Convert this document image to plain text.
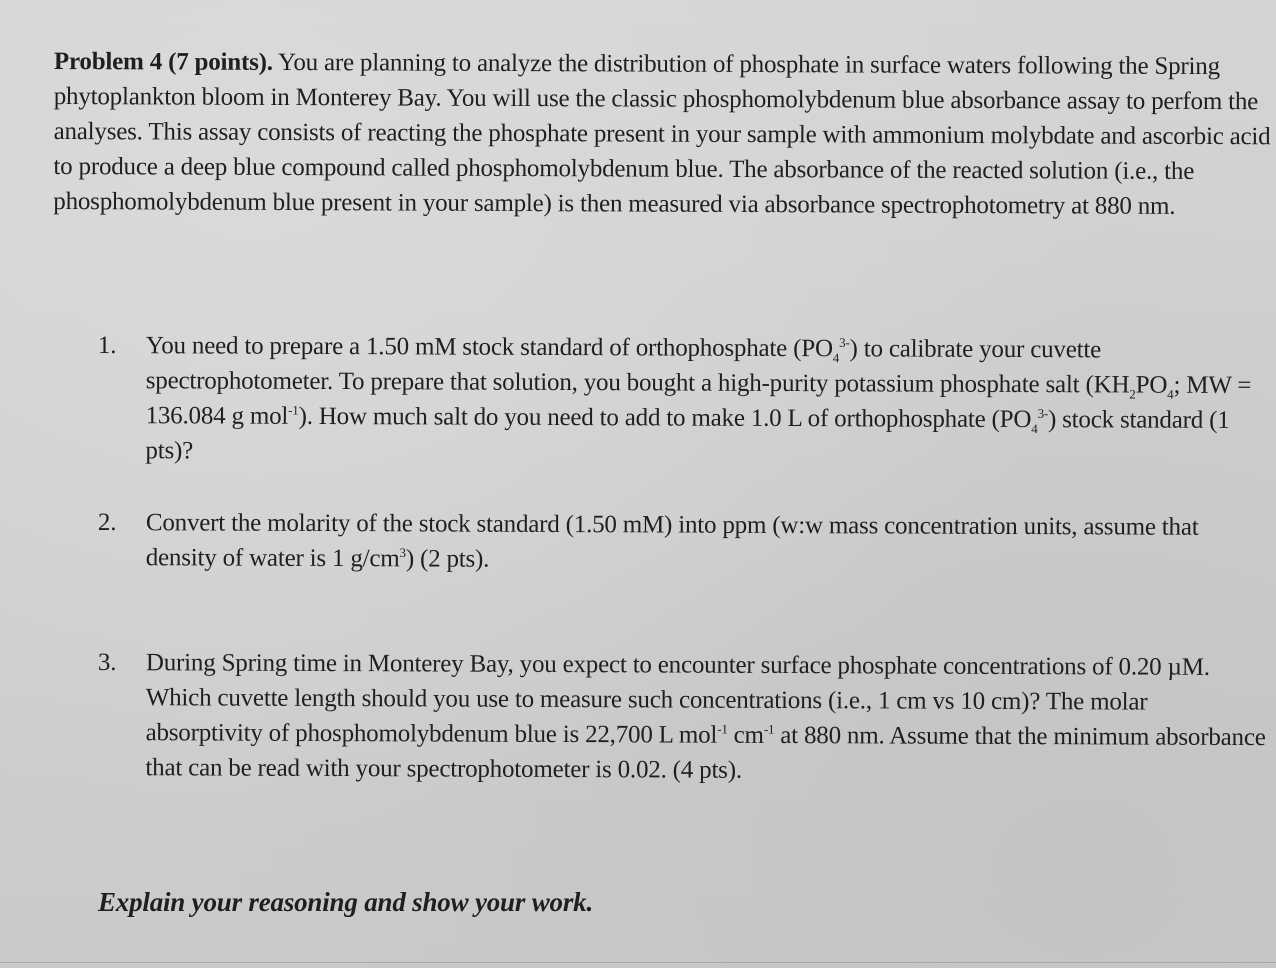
Problem 4 (7 points). You are planning to analyze the distribution of phosphate in surface waters following the Spring phytoplankton bloom in Monterey Bay. You will use the classic phosphomolybdenum blue absorbance assay to perfom the analyses. This assay consists of reacting the phosphate present in your sample with ammonium molybdate and ascorbic acid to produce a deep blue compound called phosphomolybdenum blue. The absorbance of the reacted solution (i.e., the phosphomolybdenum blue present in your sample) is then measured via absorbance spectrophotometry at 880 nm.

1.	You need to prepare a 1.50 mM stock standard of orthophosphate $(PO_4^{3-})$ to calibrate your cuvette spectrophotometer. To prepare that solution, you bought a high-purity potassium phosphate salt ($KH_2PO_4$; MW = 136.084 g mol$^{-1}$). How much salt do you need to add to make 1.0 L of orthophosphate $(PO_4^{3-})$ stock standard (1 pts)?
2.	Convert the molarity of the stock standard (1.50 mM) into ppm (w:w mass concentration units, assume that density of water is 1 $g/cm^3$) (2 pts).
3.	During Spring time in Monterey Bay, you expect to encounter surface phosphate concentrations of 0.20 µM. Which cuvette length should you use to measure such concentrations (i.e., 1 cm vs 10 cm)? The molar absorptivity of phosphomolybdenum blue is 22,700 L mol$^{-1}$ $cm^{-1}$ at 880 nm. Assume that the minimum absorbance that can be read with your spectrophotometer is 0.02. (4 pts).
Explain your reasoning and show your work.
